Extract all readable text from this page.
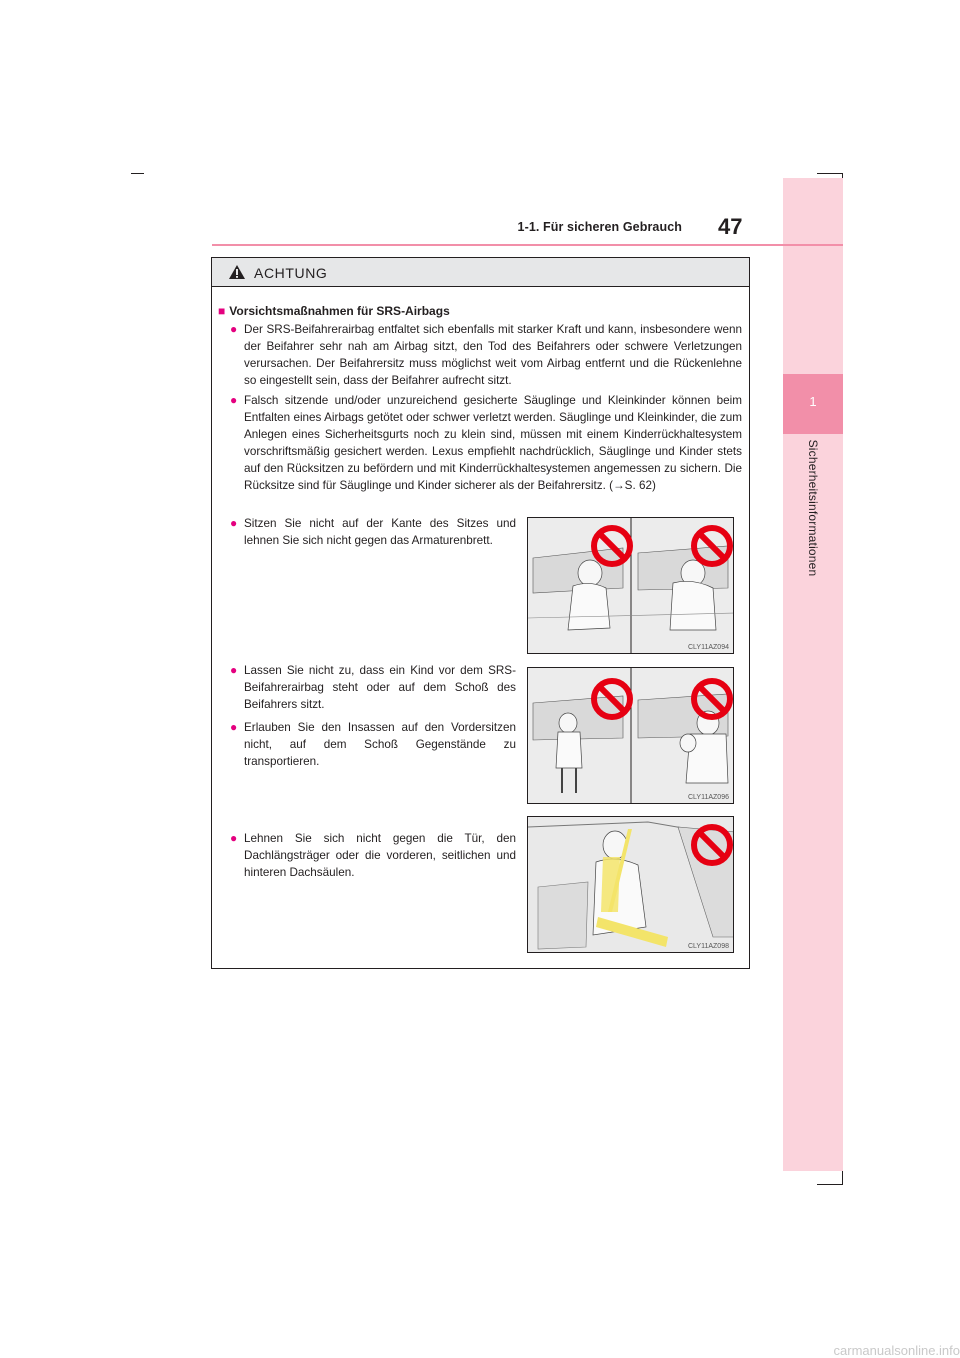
1
Sicherheitsinformationen
1-1. Für sicheren Gebrauch 47
ACHTUNG
■ Vorsichtsmaßnahmen für SRS-Airbags
● Der SRS-Beifahrerairbag entfaltet sich ebenfalls mit starker Kraft und kann, insbesondere wenn der Beifahrer sehr nah am Airbag sitzt, den Tod des Beifahrers oder schwere Verletzungen verursachen. Der Beifahrersitz muss möglichst weit vom Airbag entfernt und die Rückenlehne so eingestellt sein, dass der Beifahrer aufrecht sitzt.
● Falsch sitzende und/oder unzureichend gesicherte Säuglinge und Kleinkinder können beim Entfalten eines Airbags getötet oder schwer verletzt werden. Säuglinge und Kleinkinder, die zum Anlegen eines Sicherheitsgurts noch zu klein sind, müssen mit einem Kinderrückhaltesystem vorschriftsmäßig gesichert werden. Lexus empfiehlt nachdrücklich, Säuglinge und Kinder stets auf den Rücksitzen zu befördern und mit Kinderrückhaltesystemen angemessen zu sichern. Die Rücksitze sind für Säuglinge und Kinder sicherer als der Beifahrersitz. (→S. 62)
● Sitzen Sie nicht auf der Kante des Sitzes und lehnen Sie sich nicht gegen das Armaturenbrett.
● Lassen Sie nicht zu, dass ein Kind vor dem SRS-Beifahrerairbag steht oder auf dem Schoß des Beifahrers sitzt.
● Erlauben Sie den Insassen auf den Vordersitzen nicht, auf dem Schoß Gegenstände zu transportieren.
● Lehnen Sie sich nicht gegen die Tür, den Dachlängsträger oder die vorderen, seitlichen und hinteren Dachsäulen.
CLY11AZ094
CLY11AZ096
CLY11AZ098
carmanualsonline.info
